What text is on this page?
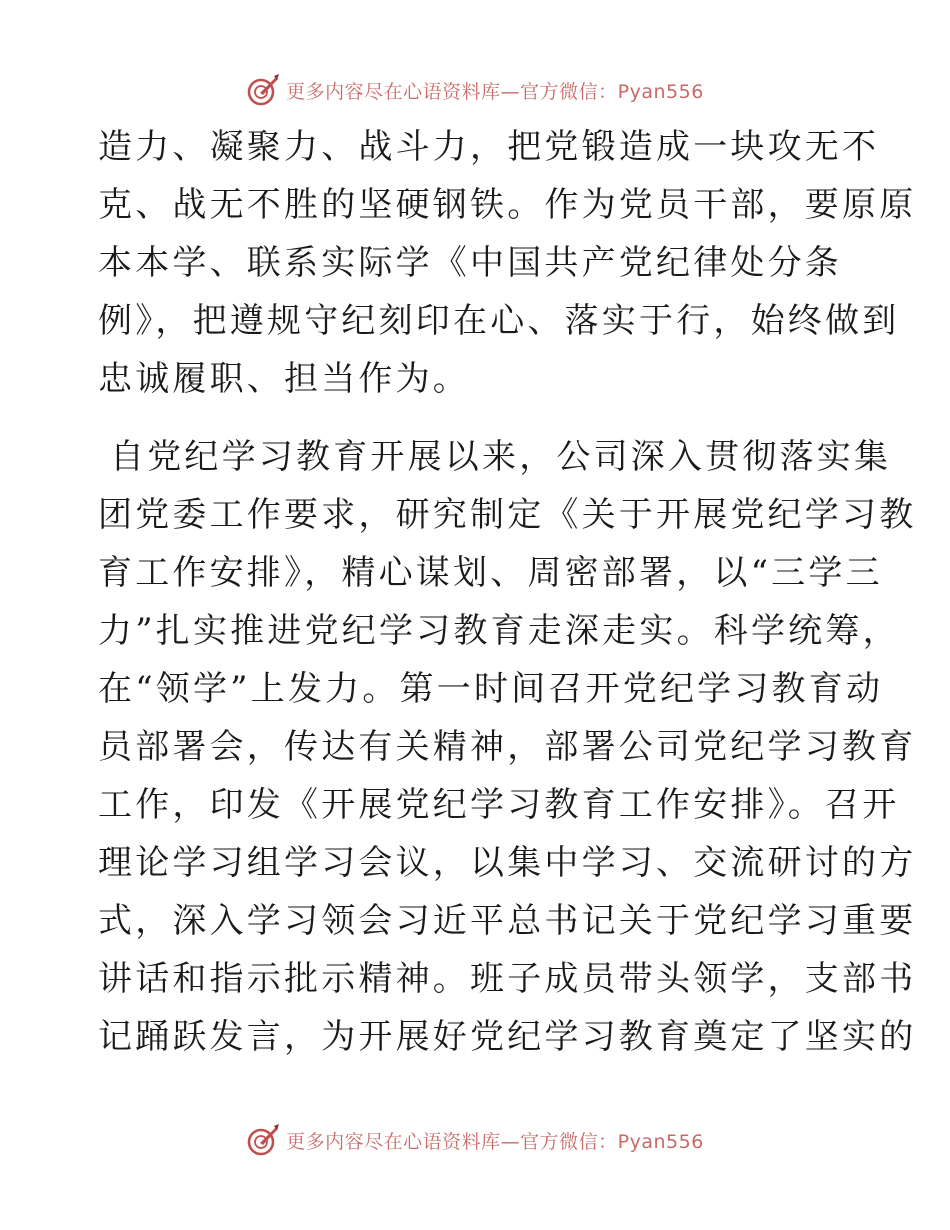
更多内容尽在心语资料库—官方微信：Pyan556
造力、凝聚力、战斗力，把党锻造成一块攻无不
克、战无不胜的坚硬钢铁。作为党员干部，要原原
本本学、联系实际学《中国共产党纪律处分条
例》，把遵规守纪刻印在心、落实于行，始终做到
忠诚履职、担当作为。
自党纪学习教育开展以来，公司深入贯彻落实集
团党委工作要求，研究制定《关于开展党纪学习教
育工作安排》，精心谋划、周密部署，以“三学三
力”扎实推进党纪学习教育走深走实。科学统筹，
在“领学”上发力。第一时间召开党纪学习教育动
员部署会，传达有关精神，部署公司党纪学习教育
工作，印发《开展党纪学习教育工作安排》。召开
理论学习组学习会议，以集中学习、交流研讨的方
式，深入学习领会习近平总书记关于党纪学习重要
讲话和指示批示精神。班子成员带头领学，支部书
记踊跃发言，为开展好党纪学习教育奠定了坚实的
更多内容尽在心语资料库—官方微信：Pyan556
